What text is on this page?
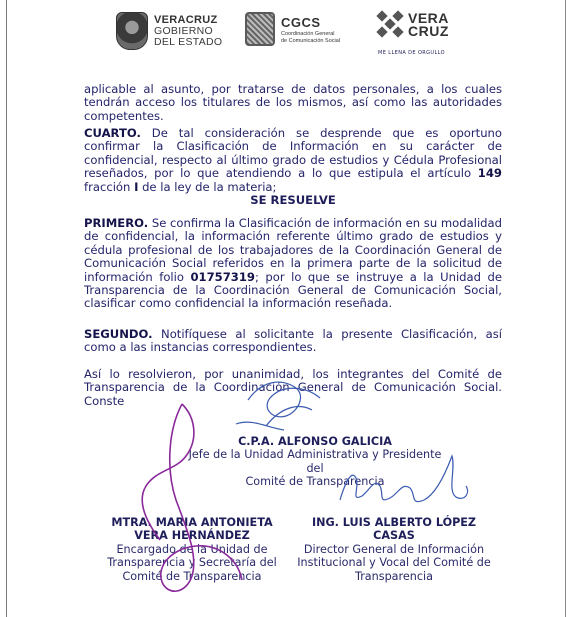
VERACRUZ
GOBIERNO
DEL ESTADO
CGCS
Coordinación General
de Comunicación Social
VERA
CRUZ
ME LLENA DE ORGULLO
aplicable al asunto, por tratarse de datos personales, a los cuales tendrán acceso los titulares de los mismos, así como las autoridades competentes.
CUARTO. De tal consideración se desprende que es oportuno confirmar la Clasificación de Información en su carácter de confidencial, respecto al último grado de estudios y Cédula Profesional reseñados, por lo que atendiendo a lo que estipula el artículo 149 fracción I de la ley de la materia;
SE RESUELVE
PRIMERO. Se confirma la Clasificación de información en su modalidad de confidencial, la información referente último grado de estudios y cédula profesional de los trabajadores de la Coordinación General de Comunicación Social referidos en la primera parte de la solicitud de información folio 01757319; por lo que se instruye a la Unidad de Transparencia de la Coordinación General de Comunicación Social, clasificar como confidencial la información reseñada.
SEGUNDO. Notifíquese al solicitante la presente Clasificación, así como a las instancias correspondientes.
Así lo resolvieron, por unanimidad, los integrantes del Comité de Transparencia de la Coordinación General de Comunicación Social. Conste
C.P.A. ALFONSO GALICIA
Jefe de la Unidad Administrativa y Presidente del
Comité de Transparencia
MTRA. MARIA ANTONIETA
VERA HERNÁNDEZ
Encargado de la Unidad de
Transparencia y Secretaría del
Comité de Transparencia
ING. LUIS ALBERTO LÓPEZ
CASAS
Director General de Información
Institucional y Vocal del Comité de
Transparencia
